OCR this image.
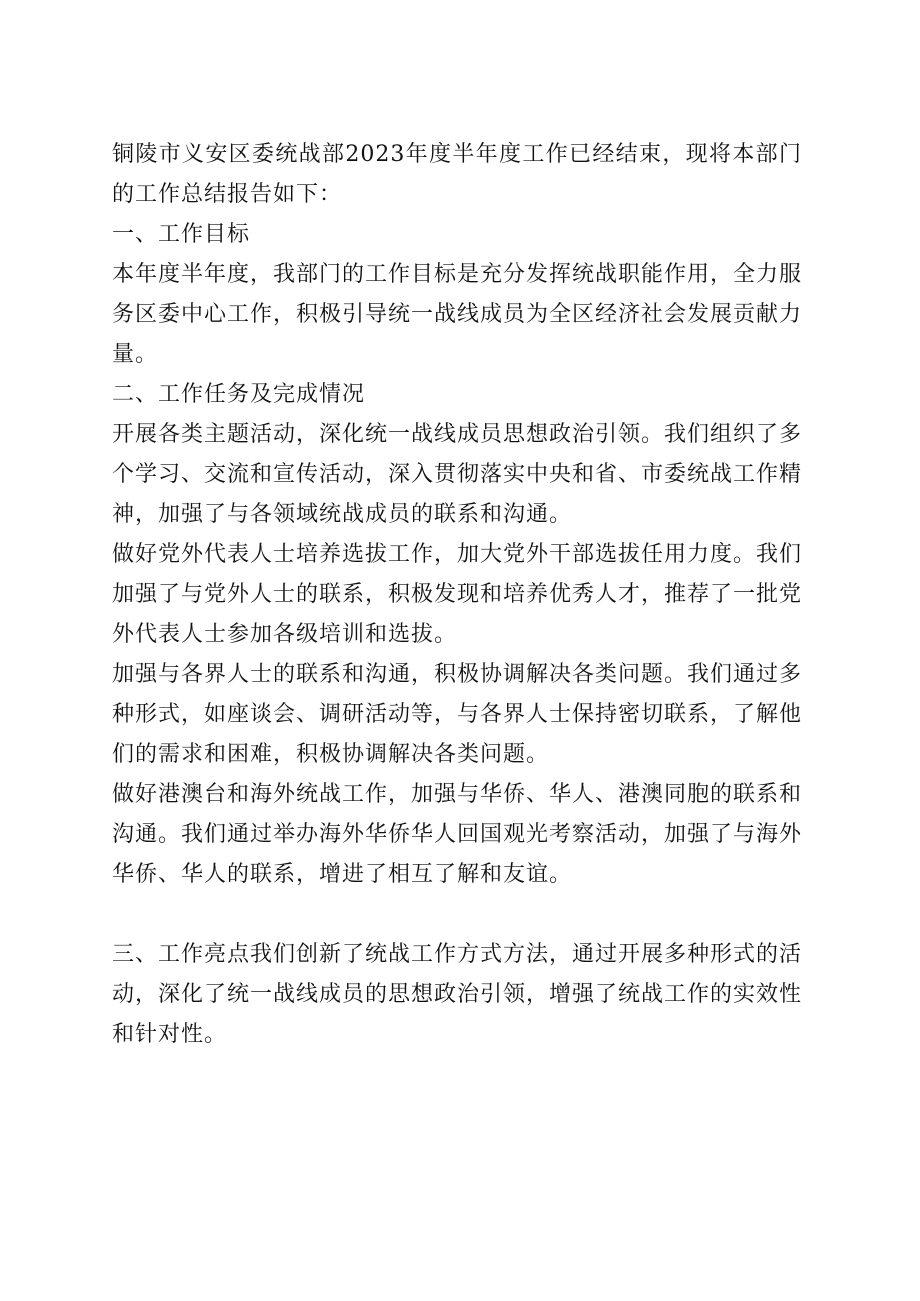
铜陵市义安区委统战部2023年度半年度工作已经结束，现将本部门的工作总结报告如下：

一、工作目标

本年度半年度，我部门的工作目标是充分发挥统战职能作用，全力服务区委中心工作，积极引导统一战线成员为全区经济社会发展贡献力量。

二、工作任务及完成情况

开展各类主题活动，深化统一战线成员思想政治引领。我们组织了多个学习、交流和宣传活动，深入贯彻落实中央和省、市委统战工作精神，加强了与各领域统战成员的联系和沟通。

做好党外代表人士培养选拔工作，加大党外干部选拔任用力度。我们加强了与党外人士的联系，积极发现和培养优秀人才，推荐了一批党外代表人士参加各级培训和选拔。

加强与各界人士的联系和沟通，积极协调解决各类问题。我们通过多种形式，如座谈会、调研活动等，与各界人士保持密切联系，了解他们的需求和困难，积极协调解决各类问题。

做好港澳台和海外统战工作，加强与华侨、华人、港澳同胞的联系和沟通。我们通过举办海外华侨华人回国观光考察活动，加强了与海外华侨、华人的联系，增进了相互了解和友谊。

三、工作亮点我们创新了统战工作方式方法，通过开展多种形式的活动，深化了统一战线成员的思想政治引领，增强了统战工作的实效性和针对性。
